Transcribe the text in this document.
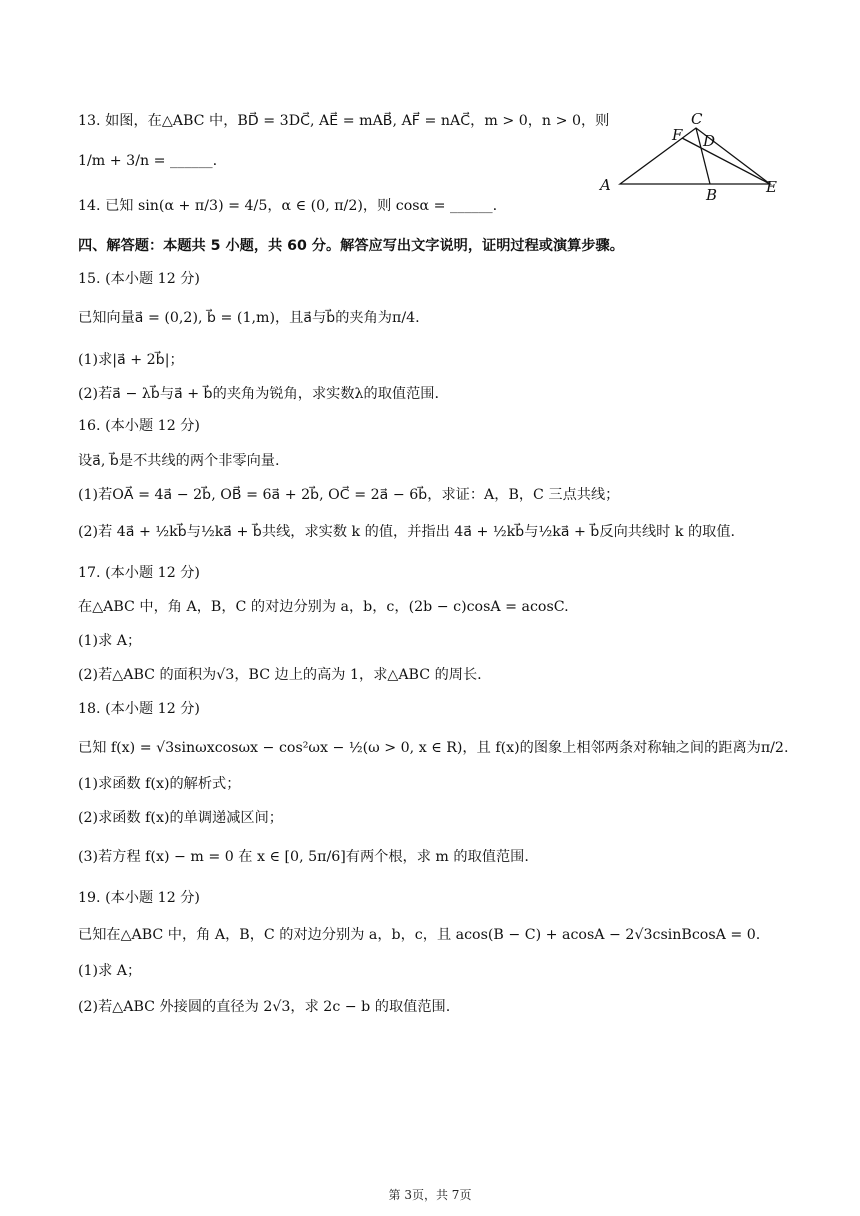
13. 如图，在△ABC 中，BD⃗ = 3DC⃗, AE⃗ = mAB⃗, AF⃗ = nAC⃗，m > 0，n > 0，则
1/m + 3/n = ______.
14. 已知 sin(α + π/3) = 4/5，α ∈ (0, π/2)，则 cosα = ______.
A
C
F D
B	E
四、解答题：本题共 5 小题，共 60 分。解答应写出文字说明，证明过程或演算步骤。
15. (本小题 12 分)
已知向量a⃗ = (0,2), b⃗ = (1,m)，且a⃗与b⃗的夹角为π/4.
(1)求|a⃗ + 2b⃗|；
(2)若a⃗ − λb⃗与a⃗ + b⃗的夹角为锐角，求实数λ的取值范围.
16. (本小题 12 分)
设a⃗, b⃗是不共线的两个非零向量.
(1)若OA⃗ = 4a⃗ − 2b⃗, OB⃗ = 6a⃗ + 2b⃗, OC⃗ = 2a⃗ − 6b⃗，求证：A，B，C 三点共线；
(2)若 4a⃗ + ½kb⃗与½ka⃗ + b⃗共线，求实数 k 的值，并指出 4a⃗ + ½kb⃗与½ka⃗ + b⃗反向共线时 k 的取值.
17. (本小题 12 分)
在△ABC 中，角 A，B，C 的对边分别为 a，b，c，(2b − c)cosA = acosC.
(1)求 A；
(2)若△ABC 的面积为√3，BC 边上的高为 1，求△ABC 的周长.
18. (本小题 12 分)
已知 f(x) = √3sinωxcosωx − cos²ωx − ½(ω > 0, x ∈ R)，且 f(x)的图象上相邻两条对称轴之间的距离为π/2.
(1)求函数 f(x)的解析式；
(2)求函数 f(x)的单调递减区间；
(3)若方程 f(x) − m = 0 在 x ∈ [0, 5π/6]有两个根，求 m 的取值范围.
19. (本小题 12 分)
已知在△ABC 中，角 A，B，C 的对边分别为 a，b，c，且 acos(B − C) + acosA − 2√3csinBcosA = 0.
(1)求 A；
(2)若△ABC 外接圆的直径为 2√3，求 2c − b 的取值范围.
第 3页，共 7页
